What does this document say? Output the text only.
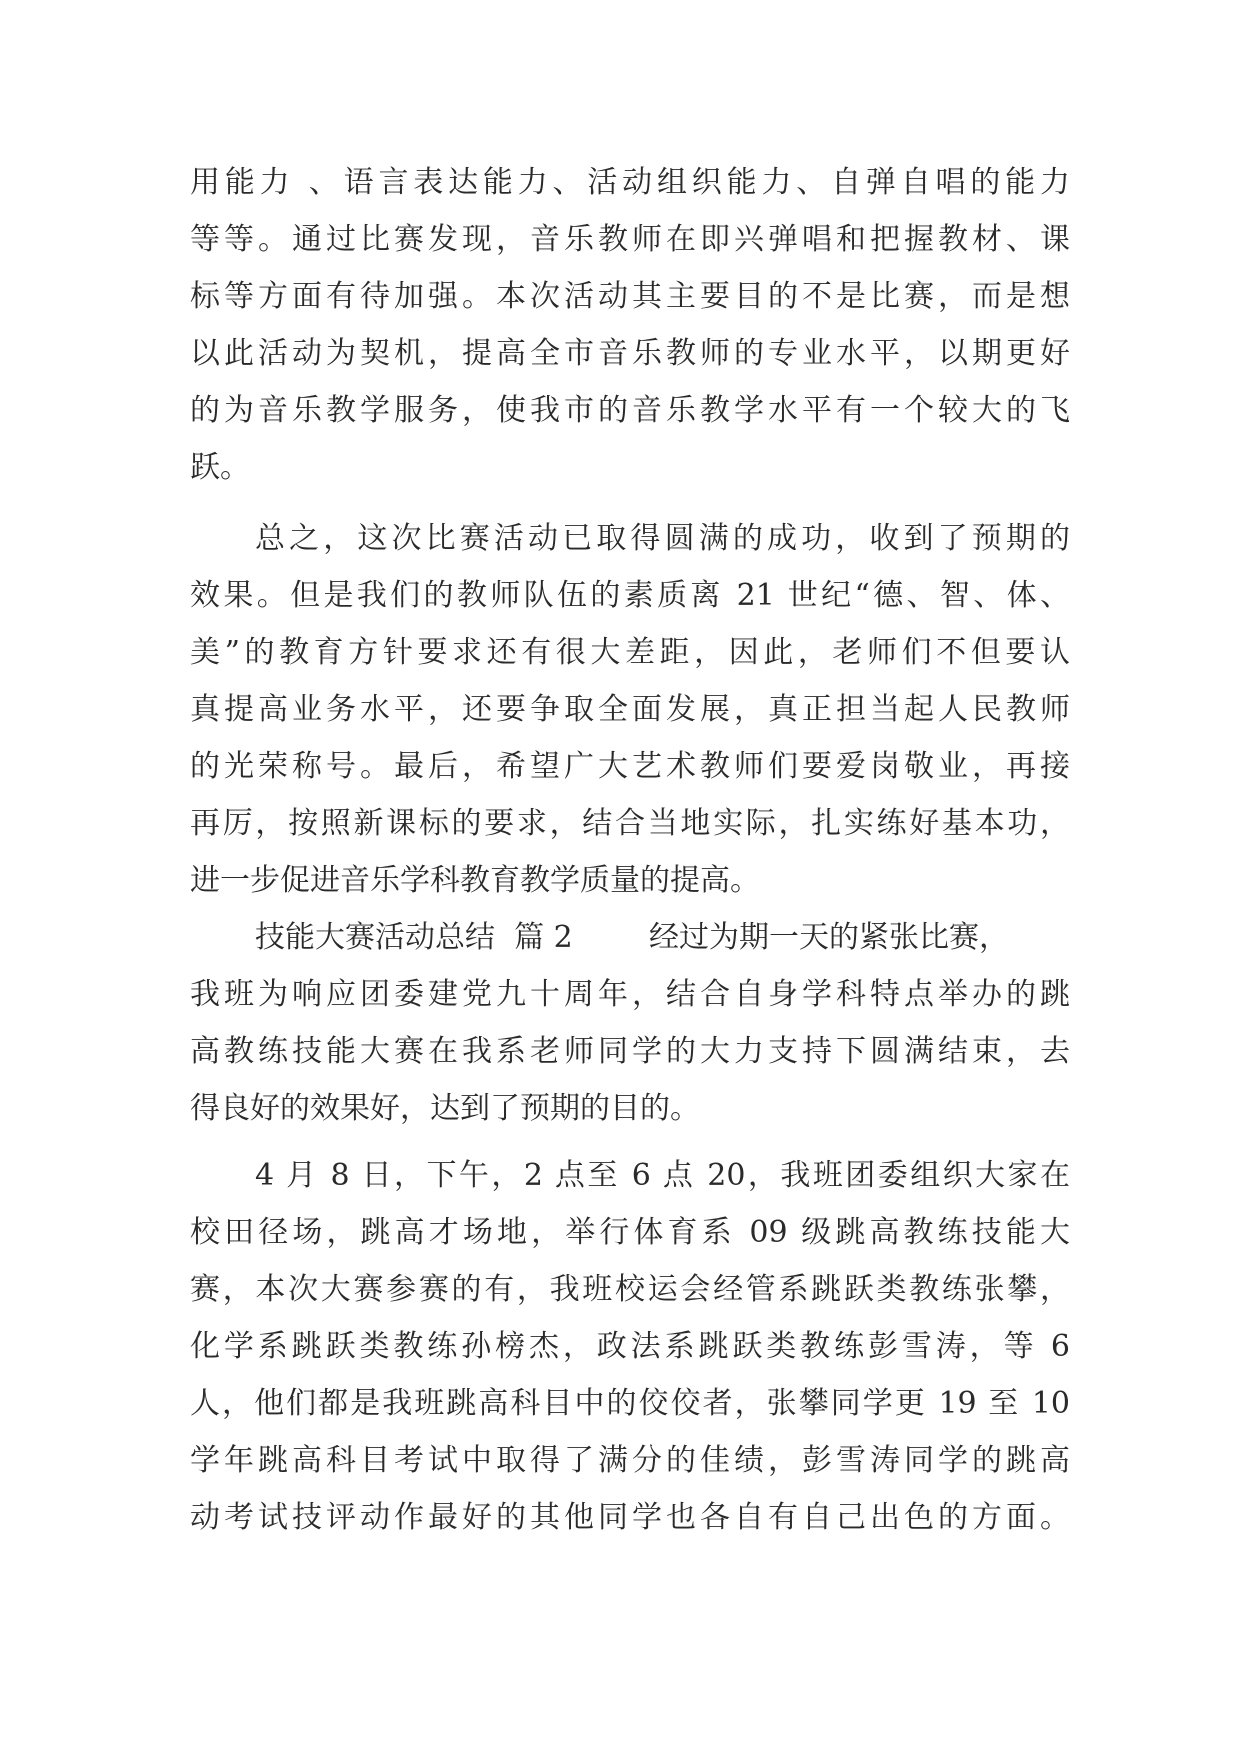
用能力 、语言表达能力、活动组织能力、自弹自唱的能力
等等。通过比赛发现，音乐教师在即兴弹唱和把握教材、课
标等方面有待加强。本次活动其主要目的不是比赛，而是想
以此活动为契机，提高全市音乐教师的专业水平，以期更好
的为音乐教学服务，使我市的音乐教学水平有一个较大的飞
跃。
总之，这次比赛活动已取得圆满的成功，收到了预期的
效果。但是我们的教师队伍的素质离 21 世纪“德、智、体、
美”的教育方针要求还有很大差距，因此，老师们不但要认
真提高业务水平，还要争取全面发展，真正担当起人民教师
的光荣称号。最后，希望广大艺术教师们要爱岗敬业，再接
再厉，按照新课标的要求，结合当地实际，扎实练好基本功，
进一步促进音乐学科教育教学质量的提高。
技能大赛活动总结  篇 2        经过为期一天的紧张比赛，
我班为响应团委建党九十周年，结合自身学科特点举办的跳
高教练技能大赛在我系老师同学的大力支持下圆满结束，去
得良好的效果好，达到了预期的目的。
4 月 8 日，下午，2 点至 6 点 20，我班团委组织大家在
校田径场，跳高才场地，举行体育系 09 级跳高教练技能大
赛，本次大赛参赛的有，我班校运会经管系跳跃类教练张攀，
化学系跳跃类教练孙榜杰，政法系跳跃类教练彭雪涛，等 6
人，他们都是我班跳高科目中的佼佼者，张攀同学更 19 至 10
学年跳高科目考试中取得了满分的佳绩，彭雪涛同学的跳高
动考试技评动作最好的其他同学也各自有自己出色的方面。
